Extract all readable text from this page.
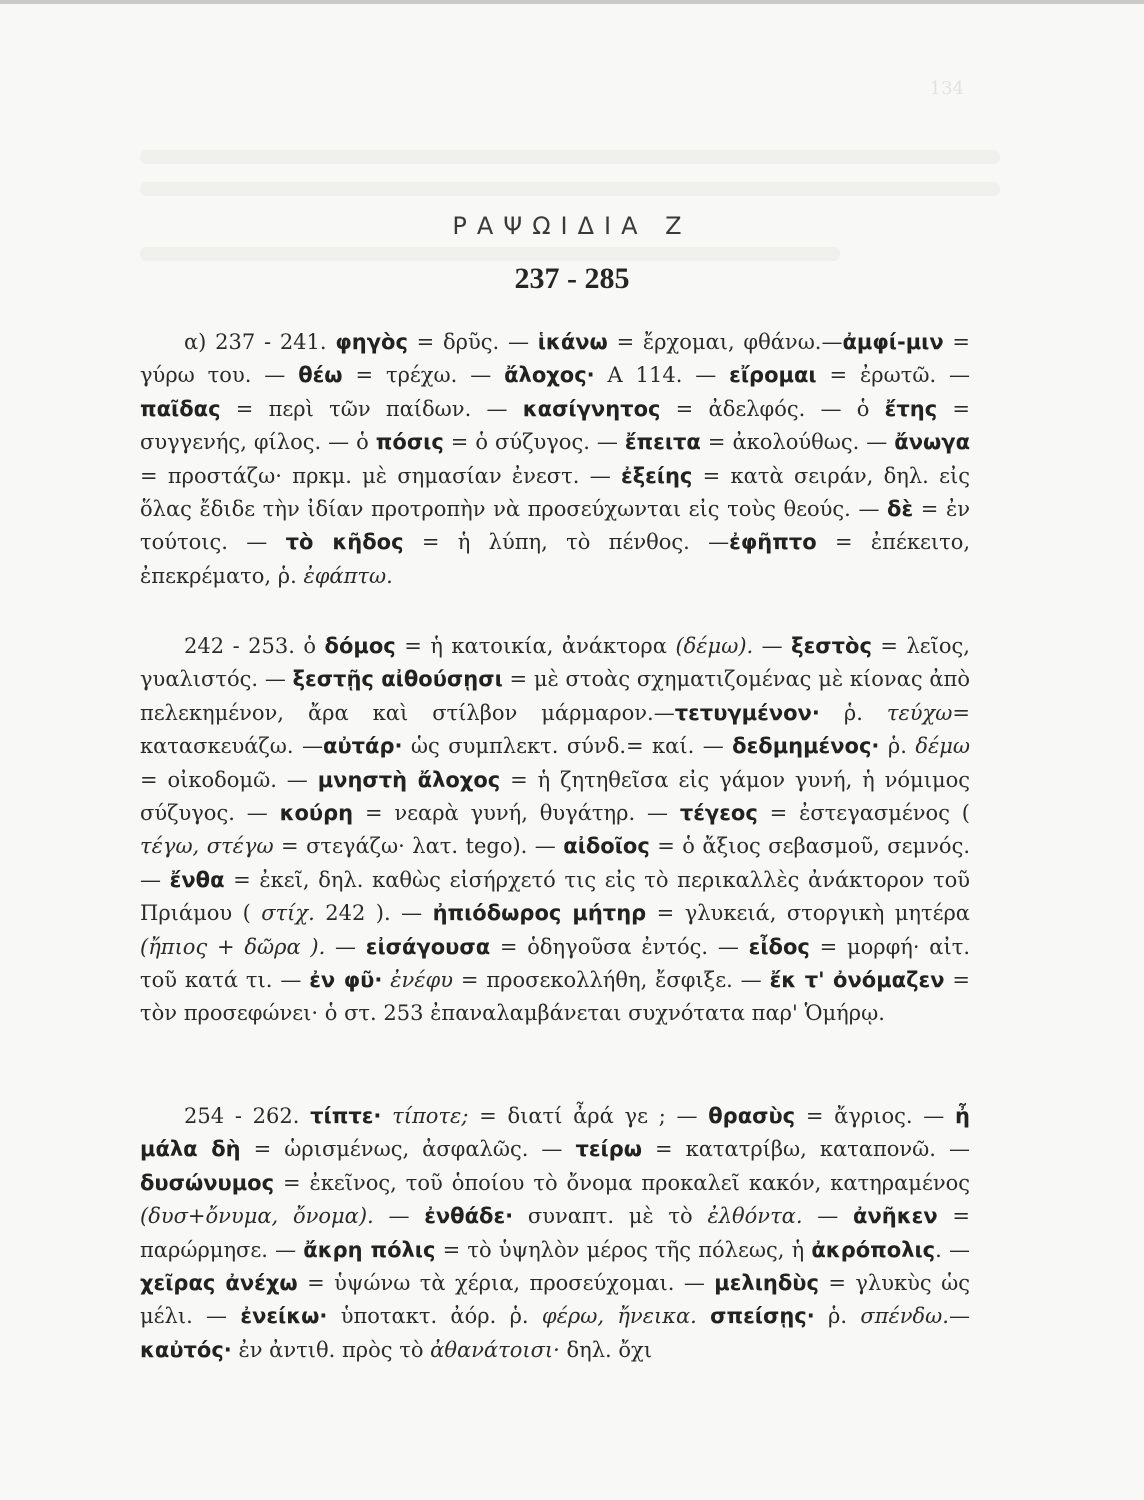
134
ΡΑΨΩΙΔΙΑ Ζ
237 - 285

α) 237 - 241. φηγὸς = δρῦς. — ἱκάνω = ἔρχομαι, φθάνω.—ἀμφί-μιν = γύρω του. — θέω = τρέχω. — ἄλοχος· Α 114. — εἴρομαι = ἐρωτῶ. — παῖδας = περὶ τῶν παίδων. — κασίγνητος = ἀδελφός. — ὁ ἔτης = συγγενής, φίλος. — ὁ πόσις = ὁ σύζυγος. — ἔπειτα = ἀκολούθως. — ἄνωγα = προστάζω· πρκμ. μὲ σημασίαν ἐνεστ. — ἐξείης = κατὰ σειράν, δηλ. εἰς ὅλας ἔδιδε τὴν ἰδίαν προτροπὴν νὰ προσεύχωνται εἰς τοὺς θεούς. — δὲ = ἐν τούτοις. — τὸ κῆδος = ἡ λύπη, τὸ πένθος. —ἐφῆπτο = ἐπέκειτο, ἐπεκρέματο, ῥ. ἐφάπτω.

242 - 253. ὁ δόμος = ἡ κατοικία, ἀνάκτορα (δέμω). — ξεστὸς = λεῖος, γυαλιστός. — ξεστῇς αἰθούσῃσι = μὲ στοὰς σχηματιζομένας μὲ κίονας ἀπὸ πελεκημένον, ἄρα καὶ στίλβον μάρμαρον.—τετυγμένον· ῥ. τεύχω= κατασκευάζω. —αὐτάρ· ὡς συμπλεκτ. σύνδ.= καί. — δεδμημένος· ῥ. δέμω = οἰκοδομῶ. — μνηστὴ ἄλοχος = ἡ ζητηθεῖσα εἰς γάμον γυνή, ἡ νόμιμος σύζυγος. — κούρη = νεαρὰ γυνή, θυγάτηρ. — τέγεος = ἐστεγασμένος ( τέγω, στέγω = στεγάζω· λατ. tego). — αἰδοῖος = ὁ ἄξιος σεβασμοῦ, σεμνός. — ἔνθα = ἐκεῖ, δηλ. καθὼς εἰσήρχετό τις εἰς τὸ περικαλλὲς ἀνάκτορον τοῦ Πριάμου ( στίχ. 242 ). — ἠπιόδωρος μήτηρ = γλυκειά, στοργικὴ μητέρα (ἤπιος + δῶρα ). — εἰσάγουσα = ὁδηγοῦσα ἐντός. — εἶδος = μορφή· αἰτ. τοῦ κατά τι. — ἐν φῦ· ἐνέφυ = προσεκολλήθη, ἔσφιξε. — ἔκ τ' ὀνόμαζεν = τὸν προσεφώνει· ὁ στ. 253 ἐπαναλαμβάνεται συχνότατα παρ' Ὁμήρῳ.

254 - 262. τίπτε· τίποτε; = διατί ἆρά γε ; — θρασὺς = ἄγριος. — ἦ μάλα δὴ = ὡρισμένως, ἀσφαλῶς. — τείρω = κατατρίβω, καταπονῶ. — δυσώνυμος = ἐκεῖνος, τοῦ ὁποίου τὸ ὄνομα προκαλεῖ κακόν, κατηραμένος (δυσ+ὄνυμα, ὄνομα). — ἐνθάδε· συναπτ. μὲ τὸ ἐλθόντα. — ἀνῆκεν = παρώρμησε. — ἄκρη πόλις = τὸ ὑψηλὸν μέρος τῆς πόλεως, ἡ ἀκρόπολις. — χεῖρας ἀνέχω = ὑψώνω τὰ χέρια, προσεύχομαι. — μελιηδὺς = γλυκὺς ὡς μέλι. — ἐνείκω· ὑποτακτ. ἀόρ. ῥ. φέρω, ἤνεικα. σπείσῃς· ῥ. σπένδω.— καὐτός· ἐν ἀντιθ. πρὸς τὸ ἀθανάτοισι· δηλ. ὄχι
